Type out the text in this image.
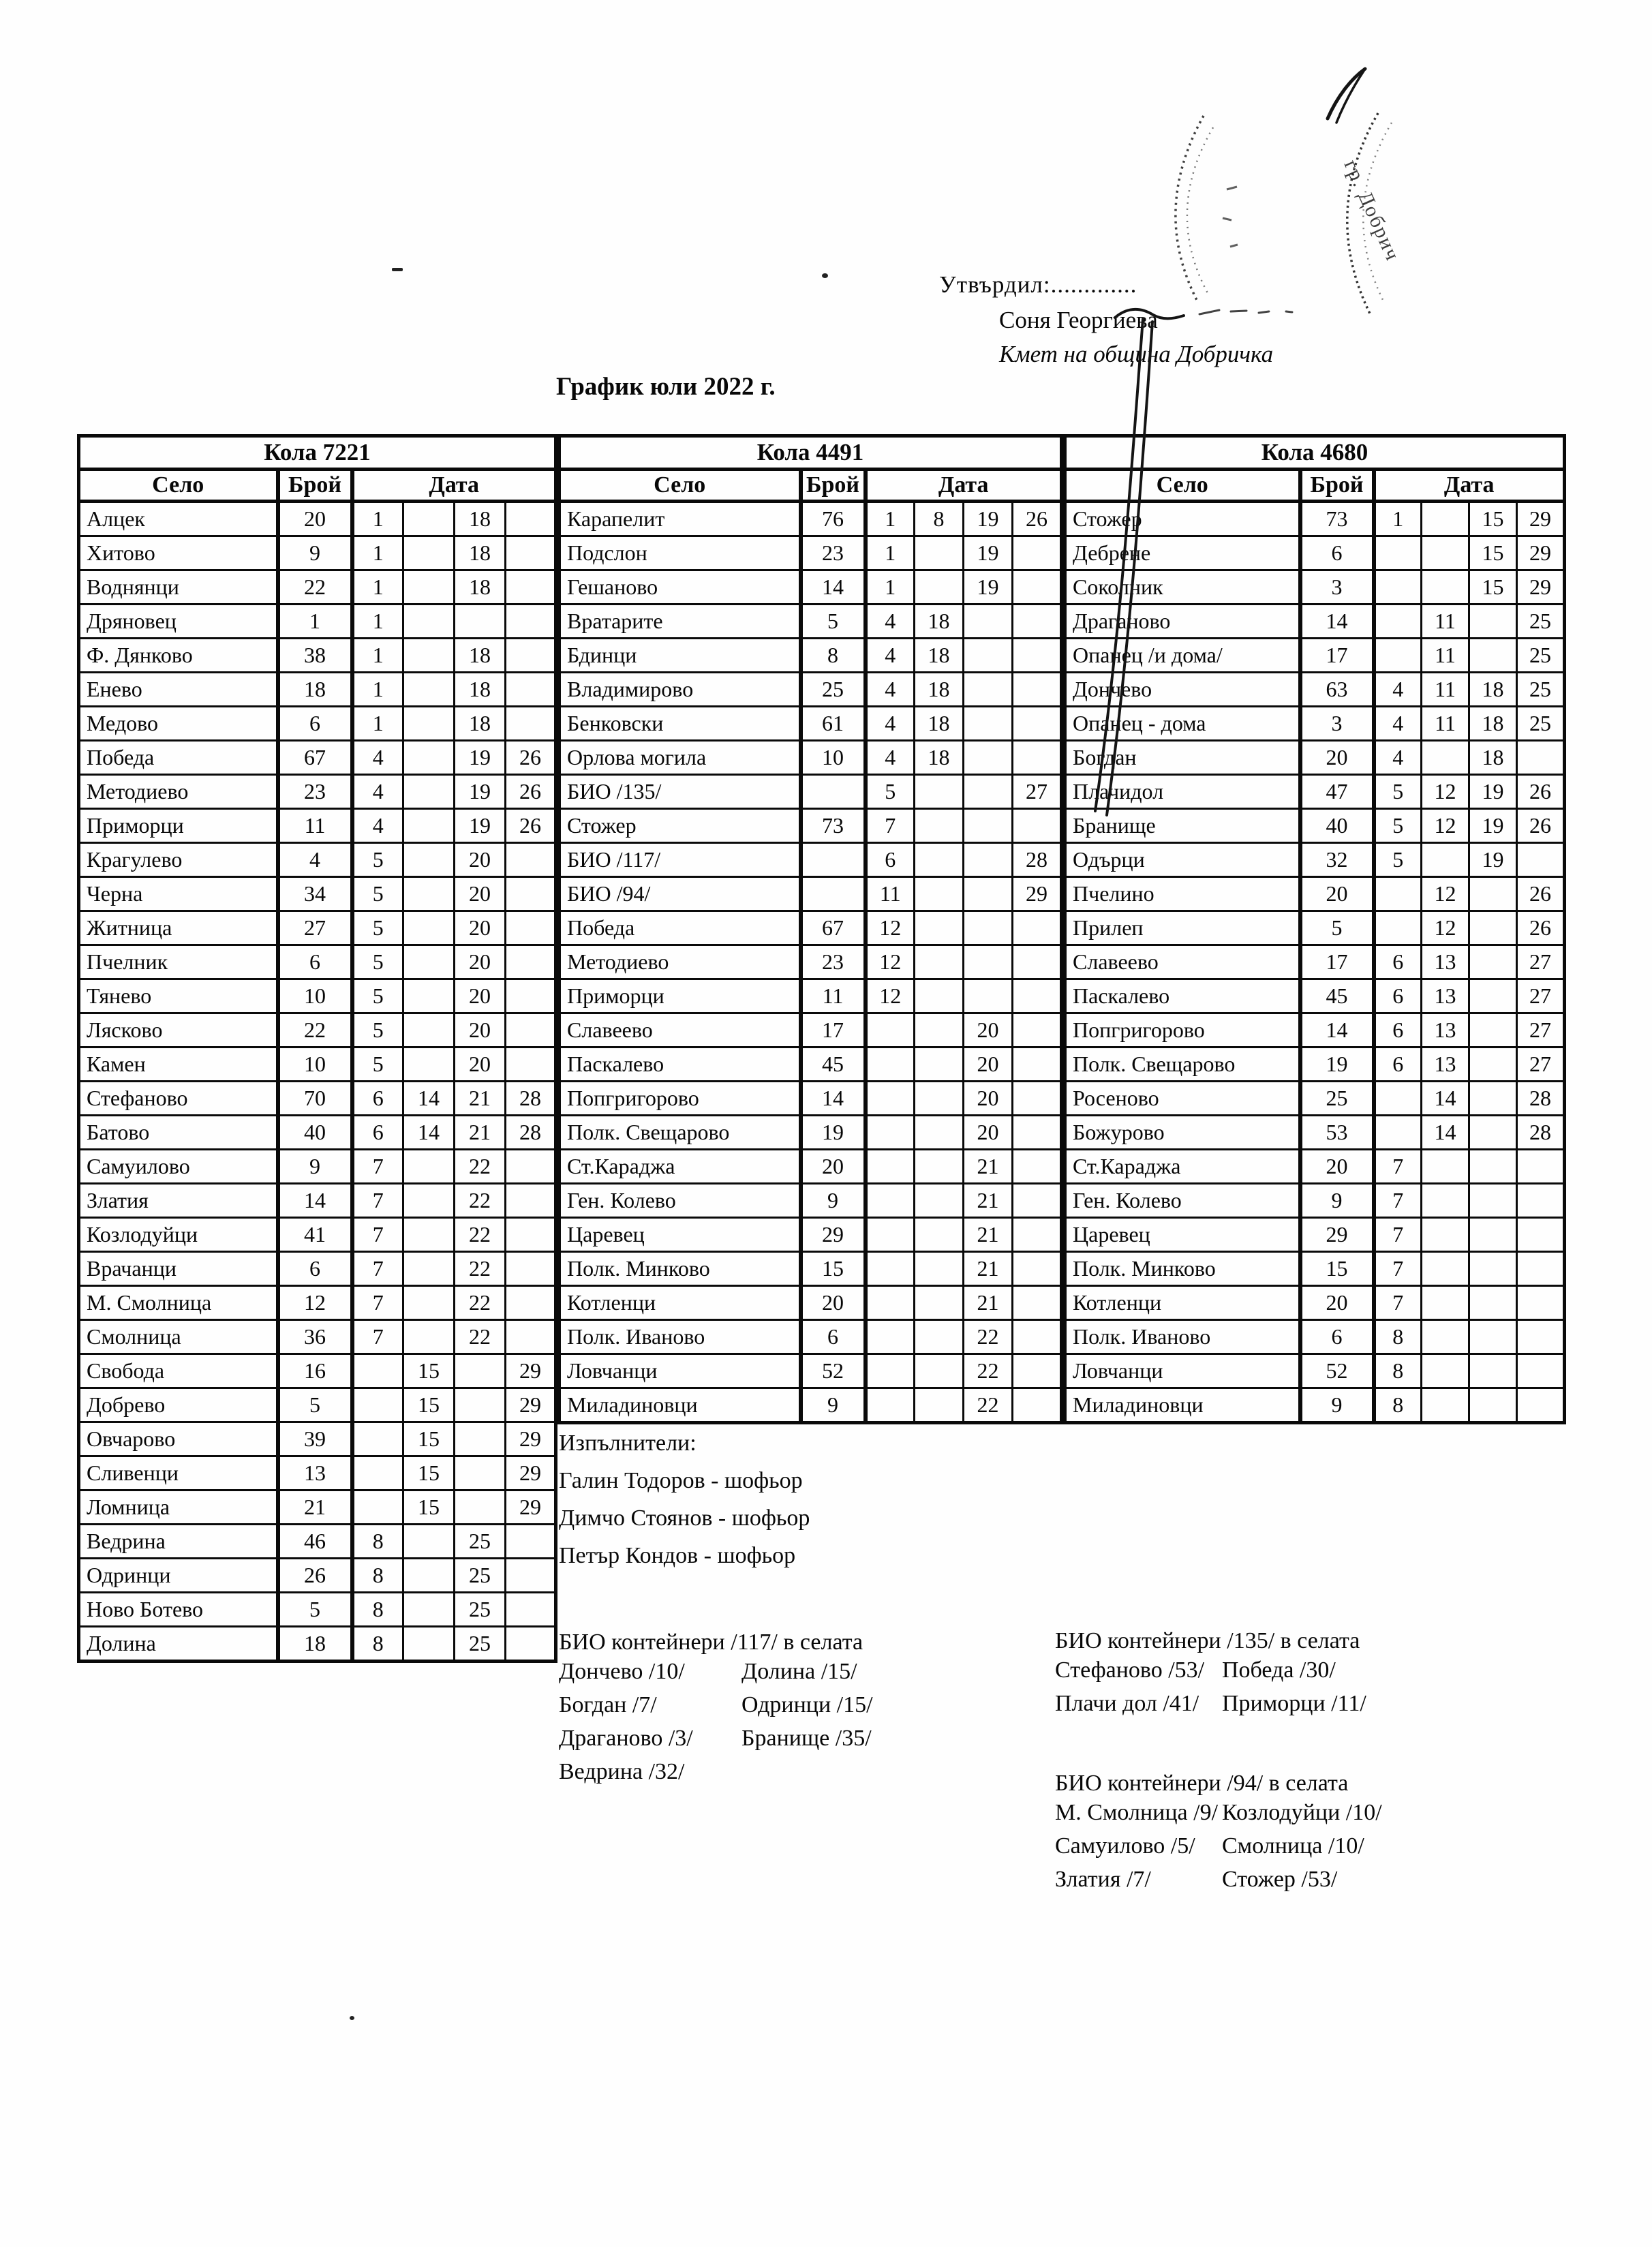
Утвърдил:.............
Соня Георгиева
Кмет на община Добричка
График юли 2022 г.
Кола 7221					
Село	Брой	Дата			
Алцек	20	1		18	
Хитово	9	1		18	
Воднянци	22	1		18	
Дряновец	1	1			
Ф. Дянково	38	1		18	
Енево	18	1		18	
Медово	6	1		18	
Победа	67	4		19	26
Методиево	23	4		19	26
Приморци	11	4		19	26
Крагулево	4	5		20	
Черна	34	5		20	
Житница	27	5		20	
Пчелник	6	5		20	
Тянево	10	5		20	
Лясково	22	5		20	
Камен	10	5		20	
Стефаново	70	6	14	21	28
Батово	40	6	14	21	28
Самуилово	9	7		22	
Златия	14	7		22	
Козлодуйци	41	7		22	
Врачанци	6	7		22	
М. Смолница	12	7		22	
Смолница	36	7		22	
Свобода	16		15		29
Добрево	5		15		29
Овчарово	39		15		29
Сливенци	13		15		29
Ломница	21		15		29
Ведрина	46	8		25	
Одринци	26	8		25	
Ново Ботево	5	8		25	
Долина	18	8		25	
Кола 4491					
Село	Брой	Дата			
Карапелит	76	1	8	19	26
Подслон	23	1		19	
Гешаново	14	1		19	
Вратарите	5	4	18		
Бдинци	8	4	18		
Владимирово	25	4	18		
Бенковски	61	4	18		
Орлова могила	10	4	18		
БИО /135/		5			27
Стожер	73	7			
БИО /117/		6			28
БИО /94/		11			29
Победа	67	12			
Методиево	23	12			
Приморци	11	12			
Славеево	17			20	
Паскалево	45			20	
Попгригорово	14			20	
Полк. Свещарово	19			20	
Ст.Караджа	20			21	
Ген. Колево	9			21	
Царевец	29			21	
Полк. Минково	15			21	
Котленци	20			21	
Полк. Иваново	6			22	
Ловчанци	52			22	
Миладиновци	9			22	
Кола 4680					
Село	Брой	Дата			
Стожер	73	1		15	29
Дебрене	6			15	29
Соколник	3			15	29
Драганово	14		11		25
Опанец /и дома/	17		11		25
Дончево	63	4	11	18	25
Опанец - дома	3	4	11	18	25
Богдан	20	4		18	
Плачидол	47	5	12	19	26
Бранище	40	5	12	19	26
Одърци	32	5		19	
Пчелино	20		12		26
Прилеп	5		12		26
Славеево	17	6	13		27
Паскалево	45	6	13		27
Попгригорово	14	6	13		27
Полк. Свещарово	19	6	13		27
Росеново	25		14		28
Божурово	53		14		28
Ст.Караджа	20	7			
Ген. Колево	9	7			
Царевец	29	7			
Полк. Минково	15	7			
Котленци	20	7			
Полк. Иваново	6	8			
Ловчанци	52	8			
Миладиновци	9	8			
Изпълнители:
Галин Тодоров - шофьор
Димчо Стоянов - шофьор
Петър Кондов - шофьор
БИО контейнери /117/ в селата
Дончево /10/	Долина /15/
Богдан /7/	Одринци /15/
Драганово /3/	Бранище /35/
Ведрина /32/
БИО контейнери /135/ в селата
Стефаново /53/ Победа /30/
Плачи дол /41/ Приморци /11/
БИО контейнери /94/ в селата
М. Смолница /9/ Козлодуйци /10/
Самуилово /5/	Смолница /10/
Златия /7/	Стожер /53/
гр. Добрич
